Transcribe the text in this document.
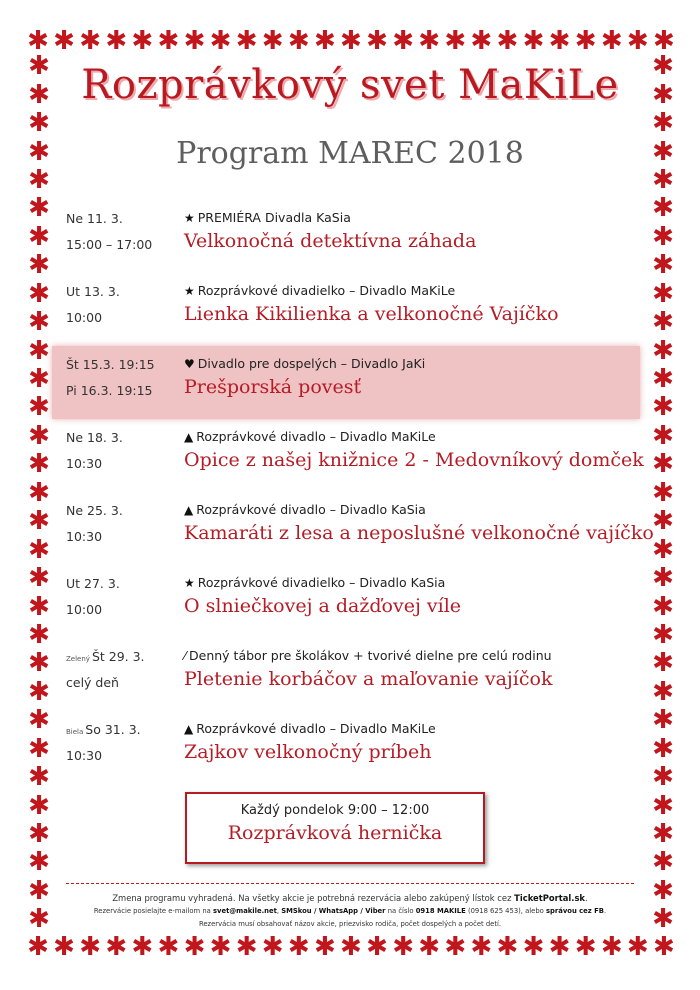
✱ ✱ ✱ ✱ ✱ ✱ ✱ ✱ ✱ ✱ ✱ ✱ ✱ ✱ ✱ ✱ ✱ ✱ ✱ ✱ ✱ ✱ ✱ ✱ ✱
✱ ✱ ✱ ✱ ✱ ✱ ✱ ✱ ✱ ✱ ✱ ✱ ✱ ✱ ✱ ✱ ✱ ✱ ✱ ✱ ✱ ✱ ✱ ✱ ✱
✱
✱
✱
✱
✱
✱
✱
✱
✱
✱
✱
✱
✱
✱
✱
✱
✱
✱
✱
✱
✱
✱
✱
✱
✱
✱
✱
✱
✱
✱
✱
✱
✱
✱
✱
✱
✱
✱
✱
✱
✱
✱
✱
✱
✱
✱
✱
✱
✱
✱
✱
✱
✱
✱
✱
✱
✱
✱
✱
✱
✱
✱
Rozprávkový svet MaKiLe
Program MAREC 2018
Ne 11. 3.
15:00 – 17:00
★ PREMIÉRA Divadla KaSia
Velkonočná detektívna záhada
Ut 13. 3.
10:00
★ Rozprávkové divadielko – Divadlo MaKiLe
Lienka Kikilienka a velkonočné Vajíčko
Št 15.3. 19:15
Pi 16.3. 19:15
♥ Divadlo pre dospelých – Divadlo JaKi
Prešporská povesť
Ne 18. 3.
10:30
▲ Rozprávkové divadlo – Divadlo MaKiLe
Opice z našej knižnice 2 - Medovníkový domček
Ne 25. 3.
10:30
▲ Rozprávkové divadlo – Divadlo KaSia
Kamaráti z lesa a neposlušné velkonočné vajíčko
Ut 27. 3.
10:00
★ Rozprávkové divadielko – Divadlo KaSia
O slniečkovej a dažďovej víle
Zelený Št 29. 3.
celý deň
⁄ Denný tábor pre školákov + tvorivé dielne pre celú rodinu
Pletenie korbáčov a maľovanie vajíčok
Biela So 31. 3.
10:30
▲ Rozprávkové divadlo – Divadlo MaKiLe
Zajkov velkonočný príbeh
Každý pondelok 9:00 – 12:00
Rozprávková hernička
Zmena programu vyhradená. Na všetky akcie je potrebná rezervácia alebo zakúpený lístok cez TicketPortal.sk.
Rezervácie posielajte e-mailom na svet@makile.net, SMSkou / WhatsApp / Viber na číslo 0918 MAKILE (0918 625 453), alebo správou cez FB.
Rezervácia musí obsahovať názov akcie, priezvisko rodiča, počet dospelých a počet detí.
